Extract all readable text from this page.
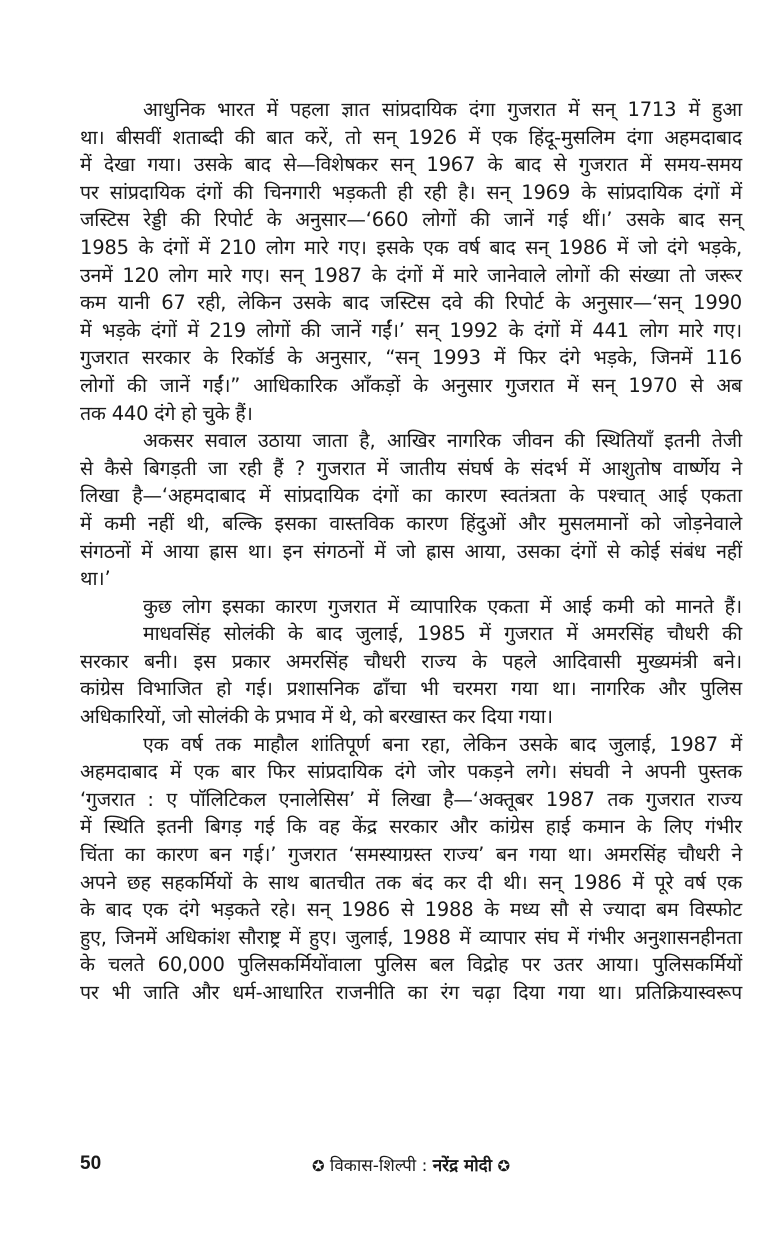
आधुनिक भारत में पहला ज्ञात सांप्रदायिक दंगा गुजरात में सन् 1713 में हुआ
था। बीसवीं शताब्दी की बात करें, तो सन् 1926 में एक हिंदू-मुसलिम दंगा अहमदाबाद
में देखा गया। उसके बाद से—विशेषकर सन् 1967 के बाद से गुजरात में समय-समय
पर सांप्रदायिक दंगों की चिनगारी भड़कती ही रही है। सन् 1969 के सांप्रदायिक दंगों में
जस्टिस रेड्डी की रिपोर्ट के अनुसार—‘660 लोगों की जानें गई थीं।’ उसके बाद सन्
1985 के दंगों में 210 लोग मारे गए। इसके एक वर्ष बाद सन् 1986 में जो दंगे भड़के,
उनमें 120 लोग मारे गए। सन् 1987 के दंगों में मारे जानेवाले लोगों की संख्या तो जरूर
कम यानी 67 रही, लेकिन उसके बाद जस्टिस दवे की रिपोर्ट के अनुसार—‘सन् 1990
में भड़के दंगों में 219 लोगों की जानें गईं।’ सन् 1992 के दंगों में 441 लोग मारे गए।
गुजरात सरकार के रिकॉर्ड के अनुसार, “सन् 1993 में फिर दंगे भड़के, जिनमें 116
लोगों की जानें गईं।” आधिकारिक आँकड़ों के अनुसार गुजरात में सन् 1970 से अब
तक 440 दंगे हो चुके हैं।
अकसर सवाल उठाया जाता है, आखिर नागरिक जीवन की स्थितियाँ इतनी तेजी
से कैसे बिगड़ती जा रही हैं ? गुजरात में जातीय संघर्ष के संदर्भ में आशुतोष वार्ष्णेय ने
लिखा है—‘अहमदाबाद में सांप्रदायिक दंगों का कारण स्वतंत्रता के पश्चात् आई एकता
में कमी नहीं थी, बल्कि इसका वास्तविक कारण हिंदुओं और मुसलमानों को जोड़नेवाले
संगठनों में आया ह्रास था। इन संगठनों में जो ह्रास आया, उसका दंगों से कोई संबंध नहीं
था।’
कुछ लोग इसका कारण गुजरात में व्यापारिक एकता में आई कमी को मानते हैं।
माधवसिंह सोलंकी के बाद जुलाई, 1985 में गुजरात में अमरसिंह चौधरी की
सरकार बनी। इस प्रकार अमरसिंह चौधरी राज्य के पहले आदिवासी मुख्यमंत्री बने।
कांग्रेस विभाजित हो गई। प्रशासनिक ढाँचा भी चरमरा गया था। नागरिक और पुलिस
अधिकारियों, जो सोलंकी के प्रभाव में थे, को बरखास्त कर दिया गया।
एक वर्ष तक माहौल शांतिपूर्ण बना रहा, लेकिन उसके बाद जुलाई, 1987 में
अहमदाबाद में एक बार फिर सांप्रदायिक दंगे जोर पकड़ने लगे। संघवी ने अपनी पुस्तक
‘गुजरात : ए पॉलिटिकल एनालेसिस’ में लिखा है—‘अक्तूबर 1987 तक गुजरात राज्य
में स्थिति इतनी बिगड़ गई कि वह केंद्र सरकार और कांग्रेस हाई कमान के लिए गंभीर
चिंता का कारण बन गई।’ गुजरात ‘समस्याग्रस्त राज्य’ बन गया था। अमरसिंह चौधरी ने
अपने छह सहकर्मियों के साथ बातचीत तक बंद कर दी थी। सन् 1986 में पूरे वर्ष एक
के बाद एक दंगे भड़कते रहे। सन् 1986 से 1988 के मध्य सौ से ज्यादा बम विस्फोट
हुए, जिनमें अधिकांश सौराष्ट्र में हुए। जुलाई, 1988 में व्यापार संघ में गंभीर अनुशासनहीनता
के चलते 60,000 पुलिसकर्मियोंवाला पुलिस बल विद्रोह पर उतर आया। पुलिसकर्मियों
पर भी जाति और धर्म-आधारित राजनीति का रंग चढ़ा दिया गया था। प्रतिक्रियास्वरूप
50	✪ विकास-शिल्पी : नरेंद्र मोदी ✪
